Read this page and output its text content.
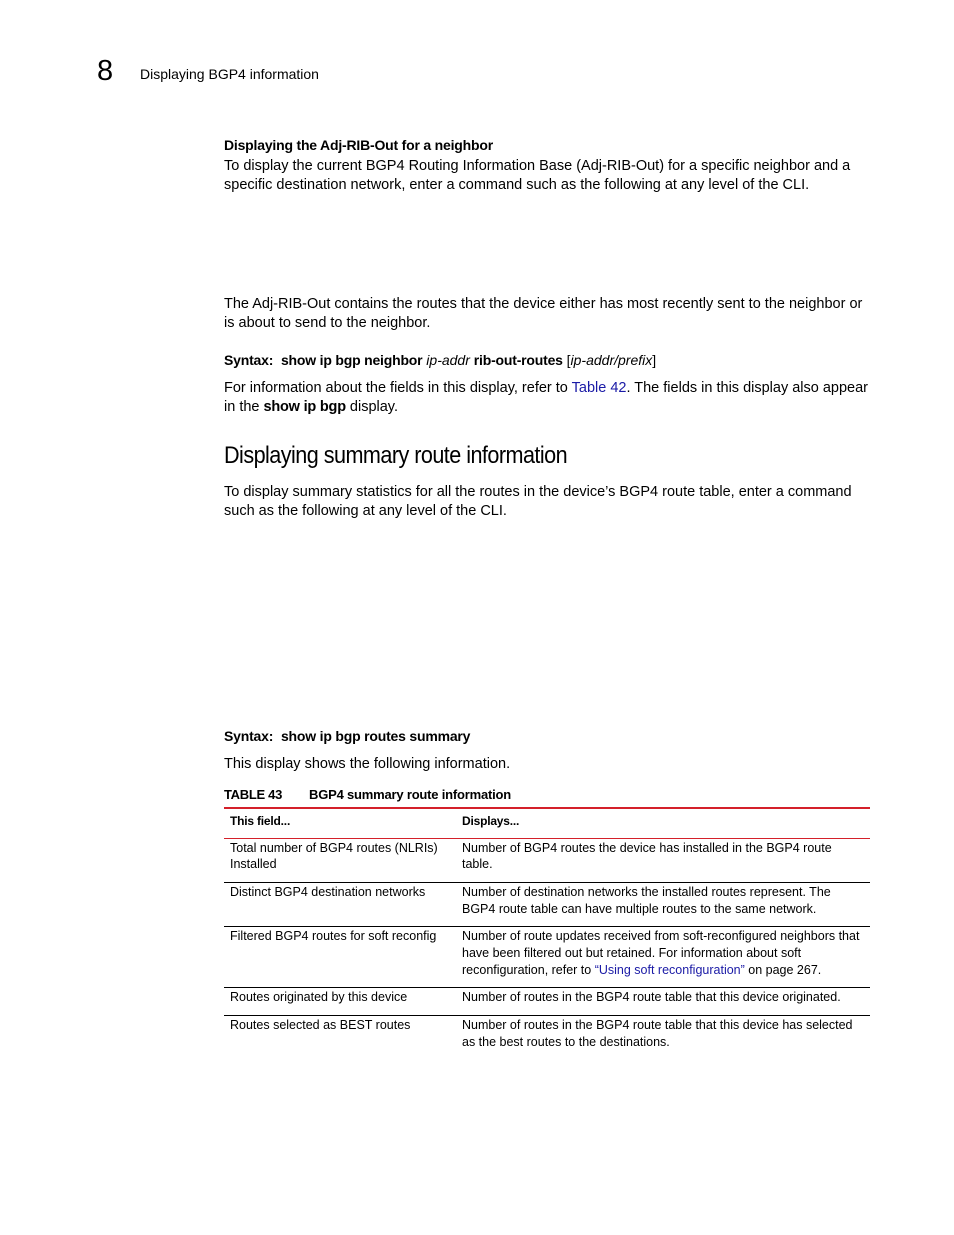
8 Displaying BGP4 information
Displaying the Adj-RIB-Out for a neighbor
To display the current BGP4 Routing Information Base (Adj-RIB-Out) for a specific neighbor and a specific destination network, enter a command such as the following at any level of the CLI.
The Adj-RIB-Out contains the routes that the device either has most recently sent to the neighbor or is about to send to the neighbor.
Syntax: show ip bgp neighbor ip-addr rib-out-routes [ip-addr/prefix]
For information about the fields in this display, refer to Table 42. The fields in this display also appear in the show ip bgp display.
Displaying summary route information
To display summary statistics for all the routes in the device’s BGP4 route table, enter a command such as the following at any level of the CLI.
Syntax: show ip bgp routes summary
This display shows the following information.
TABLE 43 BGP4 summary route information
This field...	Displays...
Total number of BGP4 routes (NLRIs) Installed	Number of BGP4 routes the device has installed in the BGP4 route table.
Distinct BGP4 destination networks	Number of destination networks the installed routes represent. The BGP4 route table can have multiple routes to the same network.
Filtered BGP4 routes for soft reconfig	Number of route updates received from soft-reconfigured neighbors that have been filtered out but retained. For information about soft reconfiguration, refer to “Using soft reconfiguration” on page 267.
Routes originated by this device	Number of routes in the BGP4 route table that this device originated.
Routes selected as BEST routes	Number of routes in the BGP4 route table that this device has selected as the best routes to the destinations.
